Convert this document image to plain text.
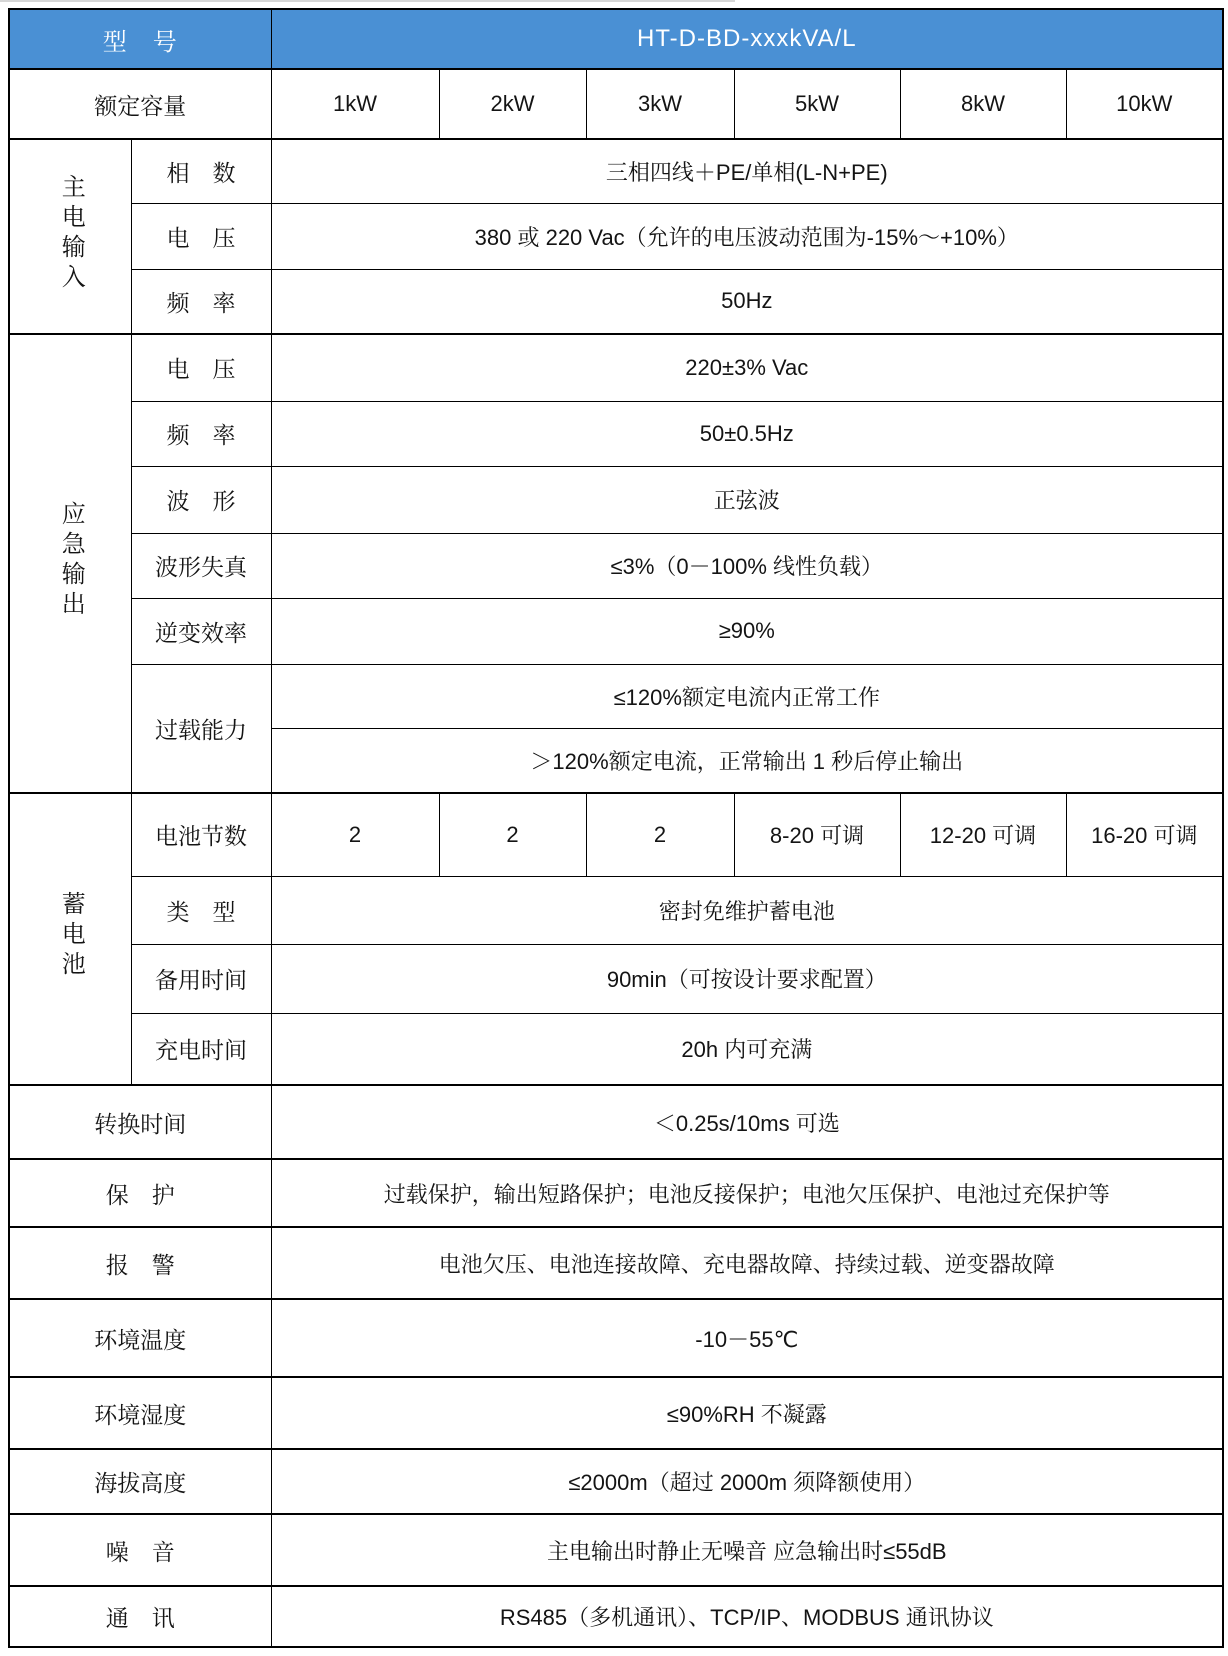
型　号		HT-D-BD-xxxkVA/L					
额定容量		1kW	2kW	3kW	5kW	8kW	10kW
主电输入	相　数	三相四线＋PE/单相(L-N+PE)					
	电　压	380 或 220 Vac（允许的电压波动范围为-15%～+10%）					
	频　率	50Hz					
应急输出	电　压	220±3% Vac					
	频　率	50±0.5Hz					
	波　形	正弦波					
	波形失真	≤3%（0－100% 线性负载）					
	逆变效率	≥90%					
	过载能力	≤120%额定电流内正常工作					
		＞120%额定电流，正常输出 1 秒后停止输出					
蓄电池	电池节数	2	2	2	8-20 可调	12-20 可调	16-20 可调
	类　型	密封免维护蓄电池					
	备用时间	90min（可按设计要求配置）					
	充电时间	20h 内可充满					
转换时间		＜0.25s/10ms 可选					
保　护		过载保护，输出短路保护；电池反接保护；电池欠压保护、电池过充保护等					
报　警		电池欠压、电池连接故障、充电器故障、持续过载、逆变器故障					
环境温度		-10－55℃					
环境湿度		≤90%RH 不凝露					
海拔高度		≤2000m（超过 2000m 须降额使用）					
噪　音		主电输出时静止无噪音 应急输出时≤55dB					
通　讯		RS485（多机通讯）、TCP/IP、MODBUS 通讯协议					
